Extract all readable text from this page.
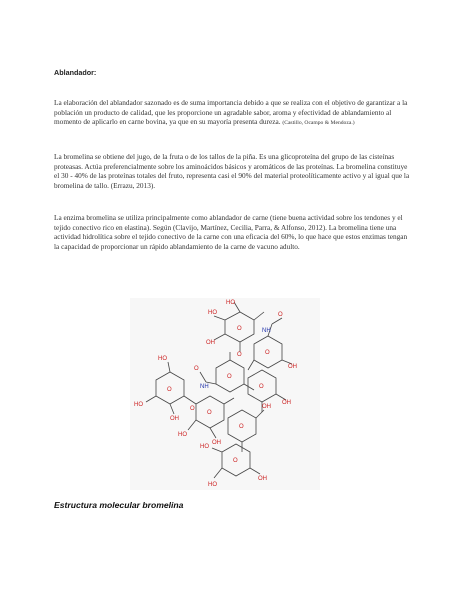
Ablandador:

La elaboración del ablandador sazonado es de suma importancia debido a que se realiza con el objetivo de garantizar a la población un producto de calidad, que les proporcione un agradable sabor, aroma y efectividad de ablandamiento al momento de aplicarlo en carne bovina, ya que en su mayoría presenta dureza. (Castillo, Ocampo & Mendoza.)

La bromelina se obtiene del jugo, de la fruta o de los tallos de la piña. Es una glicoproteína del grupo de las cisteínas proteasas. Actúa preferencialmente sobre los aminoácidos básicos y aromáticos de las proteínas. La bromelina constituye el 30 - 40% de las proteínas totales del fruto, representa casi el 90% del material proteolíticamente activo y al igual que la bromelina de tallo. (Errazu, 2013).

La enzima bromelina se utiliza principalmente como ablandador de carne (tiene buena actividad sobre los tendones y el tejido conectivo rico en elastina). Según (Clavijo, Martínez, Cecilia, Parra, & Alfonso, 2012). La bromelina tiene una actividad hidrolítica sobre el tejido conectivo de la carne con una eficacia del 60%, lo que hace que estos enzimas tengan la capacidad de proporcionar un rápido ablandamiento de la carne de vacuno adulto.

HO
OH
HO
O
O
O
OH
O
O
O
O
OH
HO
HO
O
OH
O
O
HO
OH
O
OH
O
HO
OH
HO
NH
NH
Estructura molecular bromelina
